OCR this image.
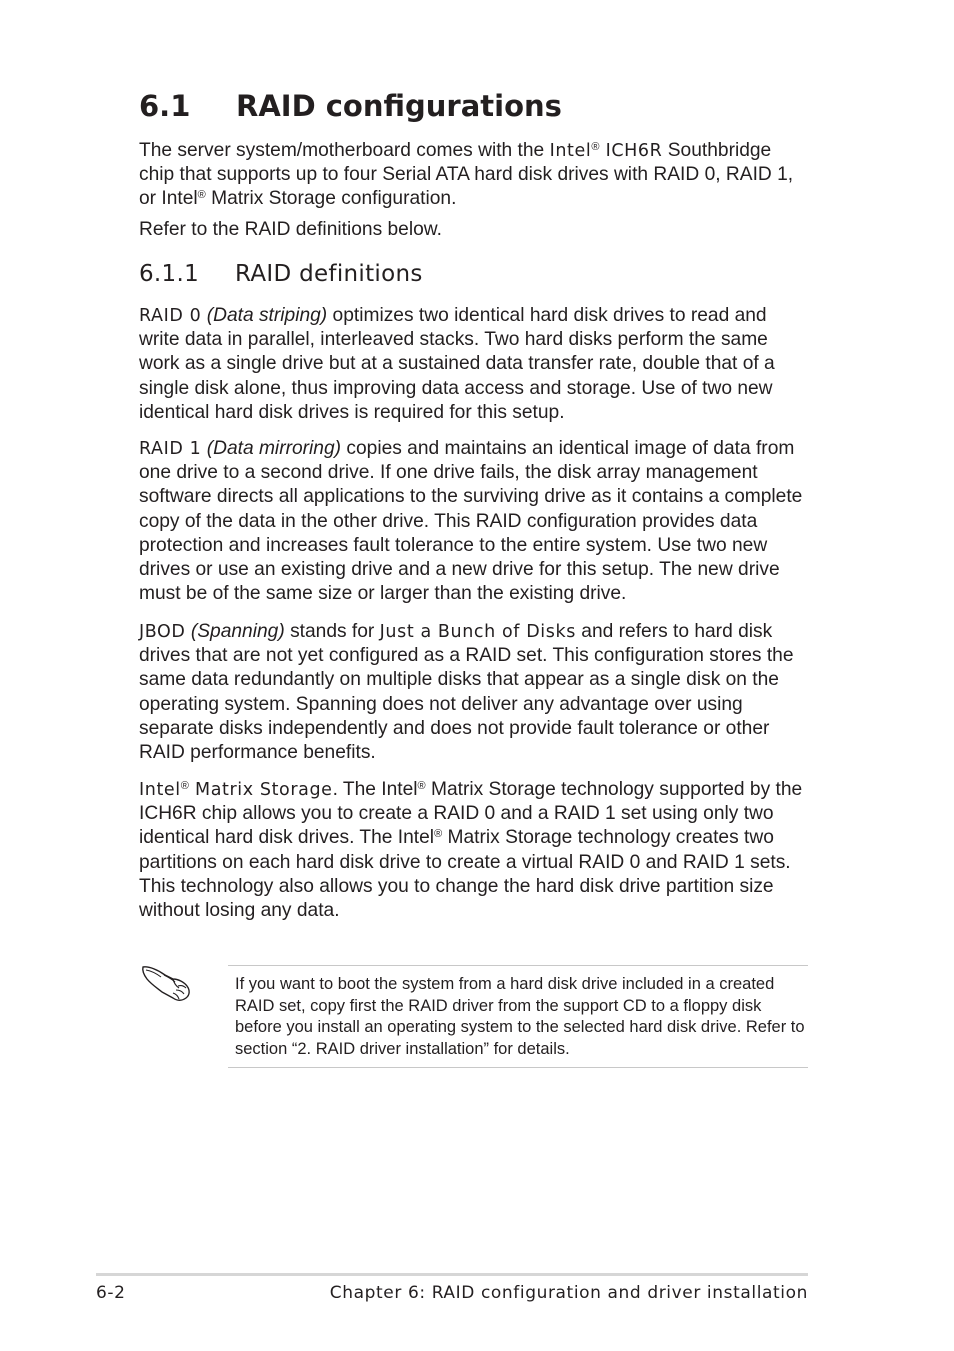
6.1 RAID configurations

The server system/motherboard comes with the Intel® ICH6R Southbridge chip that supports up to four Serial ATA hard disk drives with RAID 0, RAID 1, or Intel® Matrix Storage configuration.

Refer to the RAID definitions below.

6.1.1 RAID definitions

RAID 0 (Data striping) optimizes two identical hard disk drives to read and write data in parallel, interleaved stacks. Two hard disks perform the same work as a single drive but at a sustained data transfer rate, double that of a single disk alone, thus improving data access and storage. Use of two new identical hard disk drives is required for this setup.

RAID 1 (Data mirroring) copies and maintains an identical image of data from one drive to a second drive. If one drive fails, the disk array management software directs all applications to the surviving drive as it contains a complete copy of the data in the other drive. This RAID configuration provides data protection and increases fault tolerance to the entire system. Use two new drives or use an existing drive and a new drive for this setup. The new drive must be of the same size or larger than the existing drive.

JBOD (Spanning) stands for Just a Bunch of Disks and refers to hard disk drives that are not yet configured as a RAID set. This configuration stores the same data redundantly on multiple disks that appear as a single disk on the operating system. Spanning does not deliver any advantage over using separate disks independently and does not provide fault tolerance or other RAID performance benefits.

Intel® Matrix Storage. The Intel® Matrix Storage technology supported by the ICH6R chip allows you to create a RAID 0 and a RAID 1 set using only two identical hard disk drives. The Intel® Matrix Storage technology creates two partitions on each hard disk drive to create a virtual RAID 0 and RAID 1 sets. This technology also allows you to change the hard disk drive partition size without losing any data.

If you want to boot the system from a hard disk drive included in a created RAID set, copy first the RAID driver from the support CD to a floppy disk before you install an operating system to the selected hard disk drive. Refer to section “2. RAID driver installation” for details.

6-2	Chapter 6: RAID configuration and driver installation
